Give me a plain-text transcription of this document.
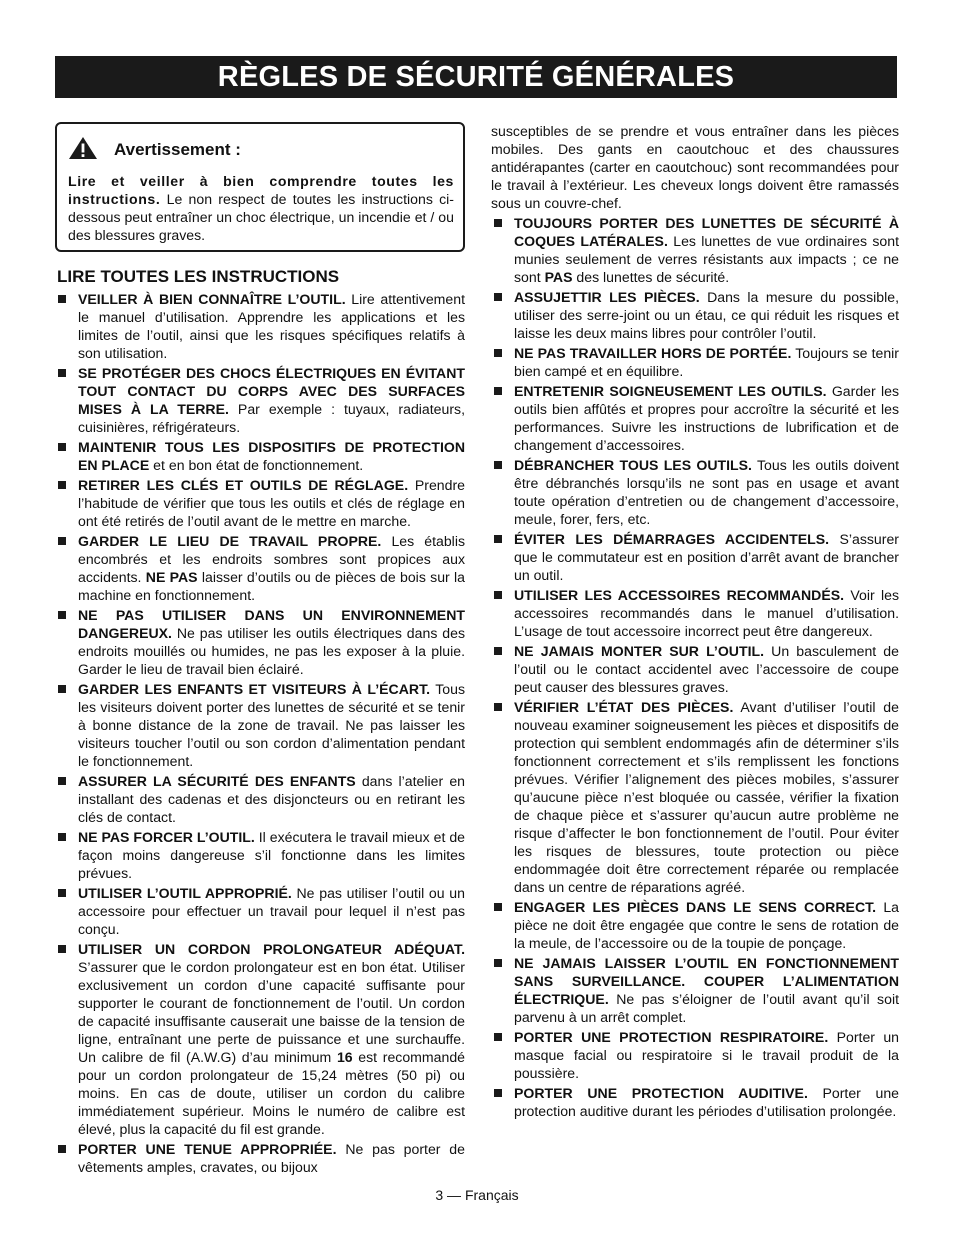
RÈGLES DE SÉCURITÉ GÉNÉRALES
Avertissement :

Lire et veiller à bien comprendre toutes les instructions. Le non respect de toutes les instructions ci-dessous peut entraîner un choc électrique, un incendie et / ou des blessures graves.

LIRE TOUTES LES INSTRUCTIONS
VEILLER À BIEN CONNAÎTRE L’OUTIL. Lire attentivement le manuel d’utilisation. Apprendre les applications et les limites de l’outil, ainsi que les risques spécifiques relatifs à son utilisation.
SE PROTÉGER DES CHOCS ÉLECTRIQUES EN ÉVITANT TOUT CONTACT DU CORPS AVEC DES SURFACES MISES À LA TERRE. Par exemple : tuyaux, radiateurs, cuisinières, réfrigérateurs.
MAINTENIR TOUS LES DISPOSITIFS DE PROTECTION EN PLACE et en bon état de fonctionnement.
RETIRER LES CLÉS ET OUTILS DE RÉGLAGE. Prendre l’habitude de vérifier que tous les outils et clés de réglage en ont été retirés de l’outil avant de le mettre en marche.
GARDER LE LIEU DE TRAVAIL PROPRE. Les établis encombrés et les endroits sombres sont propices aux accidents. NE PAS laisser d’outils ou de pièces de bois sur la machine en fonctionnement.
NE PAS UTILISER DANS UN ENVIRONNEMENT DANGEREUX. Ne pas utiliser les outils électriques dans des endroits mouillés ou humides, ne pas les exposer à la pluie. Garder le lieu de travail bien éclairé.
GARDER LES ENFANTS ET VISITEURS À L’ÉCART. Tous les visiteurs doivent porter des lunettes de sécurité et se tenir à bonne distance de la zone de travail. Ne pas laisser les visiteurs toucher l’outil ou son cordon d’alimentation pendant le fonctionnement.
ASSURER LA SÉCURITÉ DES ENFANTS dans l’atelier en installant des cadenas et des disjoncteurs ou en retirant les clés de contact.
NE PAS FORCER L’OUTIL. Il exécutera le travail mieux et de façon moins dangereuse s’il fonctionne dans les limites prévues.
UTILISER L’OUTIL APPROPRIÉ. Ne pas utiliser l’outil ou un accessoire pour effectuer un travail pour lequel il n’est pas conçu.
UTILISER UN CORDON PROLONGATEUR ADÉQUAT. S’assurer que le cordon prolongateur est en bon état. Utiliser exclusivement un cordon d’une capacité suffisante pour supporter le courant de fonctionnement de l’outil. Un cordon de capacité insuffisante causerait une baisse de la tension de ligne, entraînant une perte de puissance et une surchauffe. Un calibre de fil (A.W.G) d’au minimum 16 est recommandé pour un cordon prolongateur de 15,24 mètres (50 pi) ou moins. En cas de doute, utiliser un cordon du calibre immédiatement supérieur. Moins le numéro de calibre est élevé, plus la capacité du fil est grande.
PORTER UNE TENUE APPROPRIÉE. Ne pas porter de vêtements amples, cravates, ou bijoux

susceptibles de se prendre et vous entraîner dans les pièces mobiles. Des gants en caoutchouc et des chaussures antidérapantes (carter en caoutchouc) sont recommandées pour le travail à l’extérieur. Les cheveux longs doivent être ramassés sous un couvre-chef.

TOUJOURS PORTER DES LUNETTES DE SÉCURITÉ À COQUES LATÉRALES. Les lunettes de vue ordinaires sont munies seulement de verres résistants aux impacts ; ce ne sont PAS des lunettes de sécurité.
ASSUJETTIR LES PIÈCES. Dans la mesure du possible, utiliser des serre-joint ou un étau, ce qui réduit les risques et laisse les deux mains libres pour contrôler l’outil.
NE PAS TRAVAILLER HORS DE PORTÉE. Toujours se tenir bien campé et en équilibre.
ENTRETENIR SOIGNEUSEMENT LES OUTILS. Garder les outils bien affûtés et propres pour accroître la sécurité et les performances. Suivre les instructions de lubrification et de changement d’accessoires.
DÉBRANCHER TOUS LES OUTILS. Tous les outils doivent être débranchés lorsqu’ils ne sont pas en usage et avant toute opération d’entretien ou de changement d’accessoire, meule, forer, fers, etc.
ÉVITER LES DÉMARRAGES ACCIDENTELS. S’assurer que le commutateur est en position d’arrêt avant de brancher un outil.
UTILISER LES ACCESSOIRES RECOMMANDÉS. Voir les accessoires recommandés dans le manuel d’utilisation. L’usage de tout accessoire incorrect peut être dangereux.
NE JAMAIS MONTER SUR L’OUTIL. Un basculement de l’outil ou le contact accidentel avec l’accessoire de coupe peut causer des blessures graves.
VÉRIFIER L’ÉTAT DES PIÈCES. Avant d’utiliser l’outil de nouveau examiner soigneusement les pièces et dispositifs de protection qui semblent endommagés afin de déterminer s’ils fonctionnent correctement et s’ils remplissent les fonctions prévues. Vérifier l’alignement des pièces mobiles, s’assurer qu’aucune pièce n’est bloquée ou cassée, vérifier la fixation de chaque pièce et s’assurer qu’aucun autre problème ne risque d’affecter le bon fonctionnement de l’outil. Pour éviter les risques de blessures, toute protection ou pièce endommagée doit être correctement réparée ou remplacée dans un centre de réparations agréé.
ENGAGER LES PIÈCES DANS LE SENS CORRECT. La pièce ne doit être engagée que contre le sens de rotation de la meule, de l’accessoire ou de la toupie de ponçage.
NE JAMAIS LAISSER L’OUTIL EN FONCTIONNEMENT SANS SURVEILLANCE. COUPER L’ALIMENTATION ÉLECTRIQUE. Ne pas s’éloigner de l’outil avant qu’il soit parvenu à un arrêt complet.
PORTER UNE PROTECTION RESPIRATOIRE. Porter un masque facial ou respiratoire si le travail produit de la poussière.
PORTER UNE PROTECTION AUDITIVE. Porter une protection auditive durant les périodes d’utilisation prolongée.
3 — Français
